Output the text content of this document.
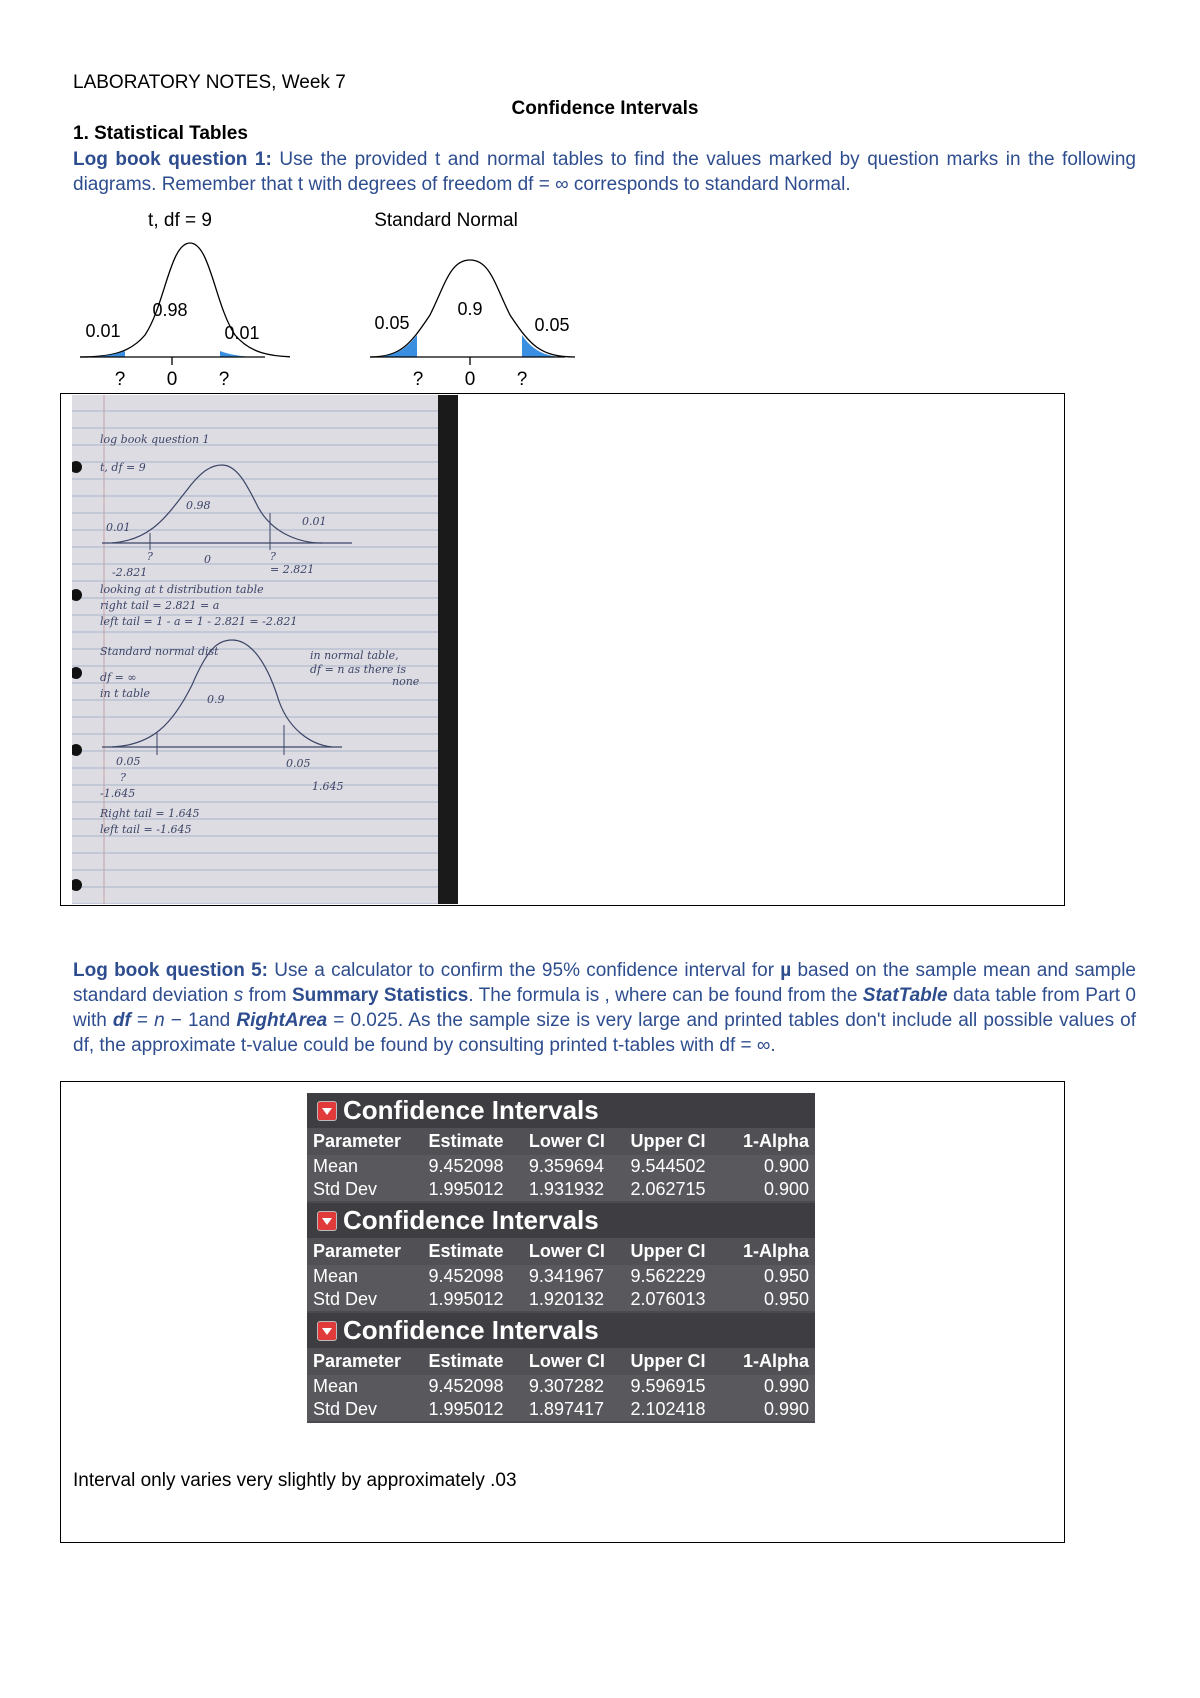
LABORATORY NOTES, Week 7
Confidence Intervals
1. Statistical Tables
Log book question 1: Use the provided t and normal tables to find the values marked by question marks in the following diagrams. Remember that t with degrees of freedom df = ∞ corresponds to standard Normal.
t, df = 9
0.98
0.01	0.01
? 0 ?
Standard Normal
0.9
0.05	0.05
? 0 ?
log book question 1
t, df = 9
0.98
0.01	0.01
?	0	?
-2.821	= 2.821
looking at t distribution table
right tail = 2.821 = a
left tail = 1 - a = 1 - 2.821 = -2.821
Standard normal dist	in normal table,
df = n as there is
none
df = ∞
in t table	0.9
0.05	0.05
?
-1.645
1.645
Right tail = 1.645
left tail = -1.645
Log book question 5: Use a calculator to confirm the 95% confidence interval for µ based on the sample mean and sample standard deviation s from Summary Statistics. The formula is , where can be found from the StatTable data table from Part 0 with df = n − 1and RightArea = 0.025. As the sample size is very large and printed tables don't include all possible values of df, the approximate t-value could be found by consulting printed t-tables with df = ∞.
Confidence Intervals
Parameter	Estimate	Lower CI	Upper CI	1-Alpha
Mean	9.452098	9.359694	9.544502	0.900
Std Dev	1.995012	1.931932	2.062715	0.900
Confidence Intervals
Parameter	Estimate	Lower CI	Upper CI	1-Alpha
Mean	9.452098	9.341967	9.562229	0.950
Std Dev	1.995012	1.920132	2.076013	0.950
Confidence Intervals
Parameter	Estimate	Lower CI	Upper CI	1-Alpha
Mean	9.452098	9.307282	9.596915	0.990
Std Dev	1.995012	1.897417	2.102418	0.990
Interval only varies very slightly by approximately .03
